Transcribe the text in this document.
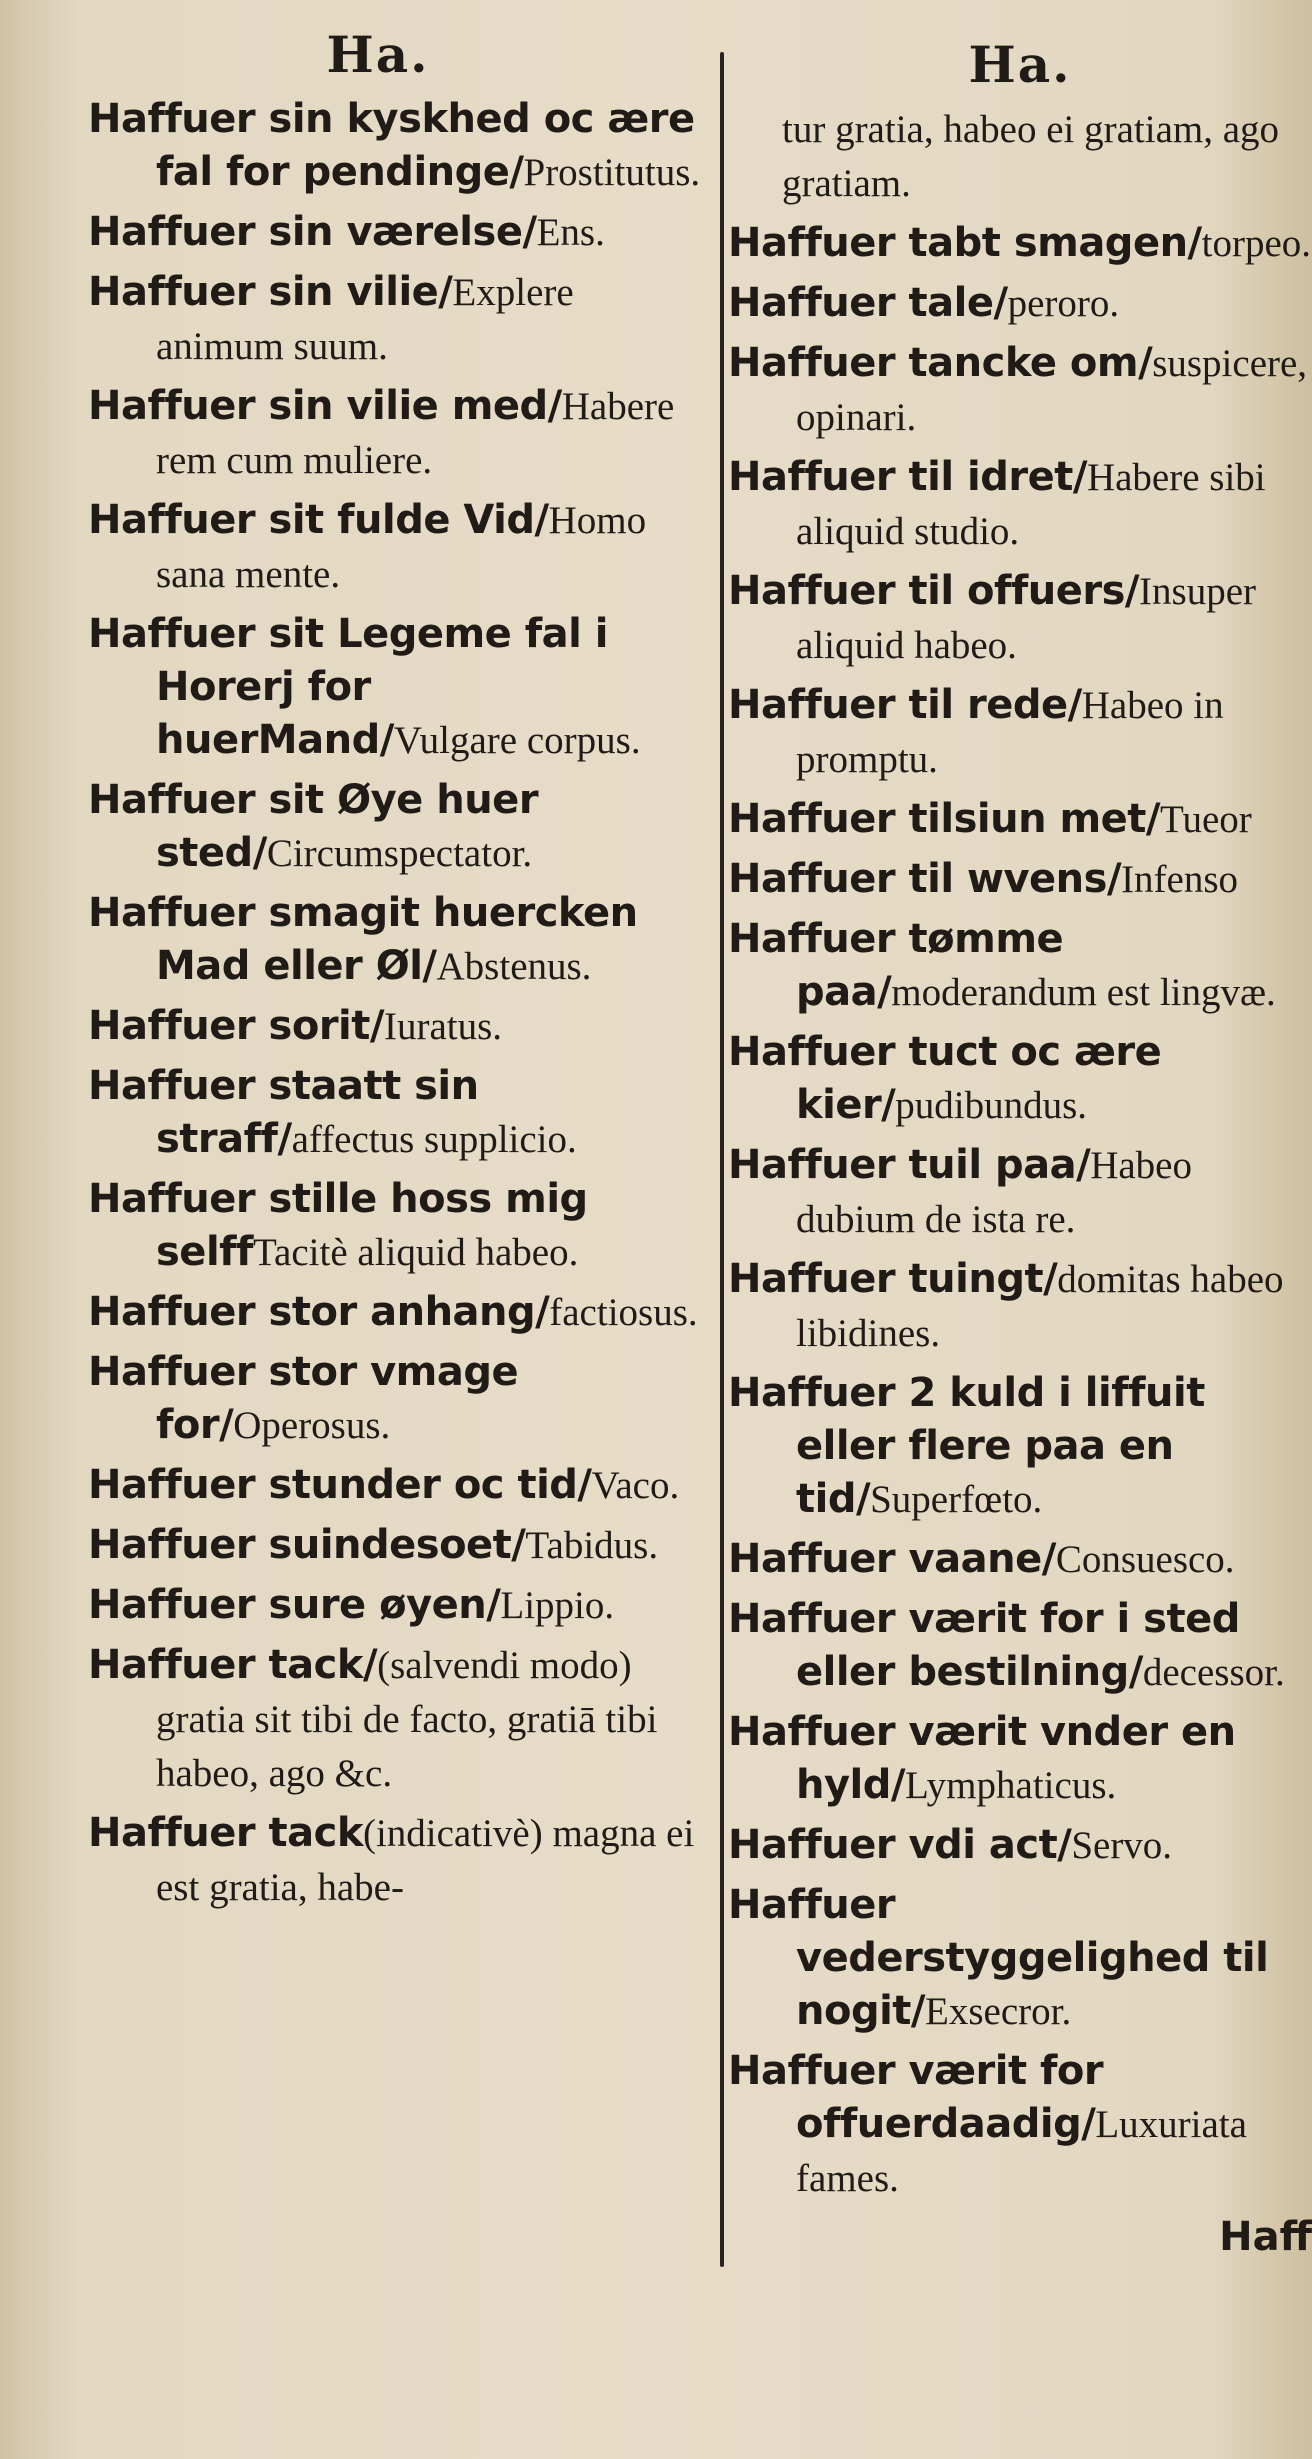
Ha.

Haffuer sin kyskhed oc ære fal for pendinge/Prostitutus.

Haffuer sin værelse/Ens.

Haffuer sin vilie/Explere animum suum.

Haffuer sin vilie med/Habere rem cum muliere.

Haffuer sit fulde Vid/Homo sana mente.

Haffuer sit Legeme fal i Horerj for huerMand/Vulgare corpus.

Haffuer sit Øye huer sted/Circumspectator.

Haffuer smagit huercken Mad eller Øl/Abstenus.

Haffuer sorit/Iuratus.

Haffuer staatt sin straff/affectus supplicio.

Haffuer stille hoss mig selffTacitè aliquid habeo.

Haffuer stor anhang/factiosus.

Haffuer stor vmage for/Operosus.

Haffuer stunder oc tid/Vaco.

Haffuer suindesoet/Tabidus.

Haffuer sure øyen/Lippio.

Haffuer tack/(salvendi modo) gratia sit tibi de facto, gratiā tibi habeo, ago &c.

Haffuer tack(indicativè) magna ei est gratia, habe-

Ha.

tur gratia, habeo ei gratiam, ago gratiam.

Haffuer tabt smagen/torpeo.

Haffuer tale/peroro.

Haffuer tancke om/suspicere, opinari.

Haffuer til idret/Habere sibi aliquid studio.

Haffuer til offuers/Insuper aliquid habeo.

Haffuer til rede/Habeo in promptu.

Haffuer tilsiun met/Tueor

Haffuer til wvens/Infenso

Haffuer tømme paa/moderandum est lingvæ.

Haffuer tuct oc ære kier/pudibundus.

Haffuer tuil paa/Habeo dubium de ista re.

Haffuer tuingt/domitas habeo libidines.

Haffuer 2 kuld i liffuit eller flere paa en tid/Superfœto.

Haffuer vaane/Consuesco.

Haffuer værit for i sted eller bestilning/decessor.

Haffuer værit vnder en hyld/Lymphaticus.

Haffuer vdi act/Servo.

Haffuer vederstyggelighed til nogit/Exsecror.

Haffuer værit for offuerdaadig/Luxuriata fames.

Haff
